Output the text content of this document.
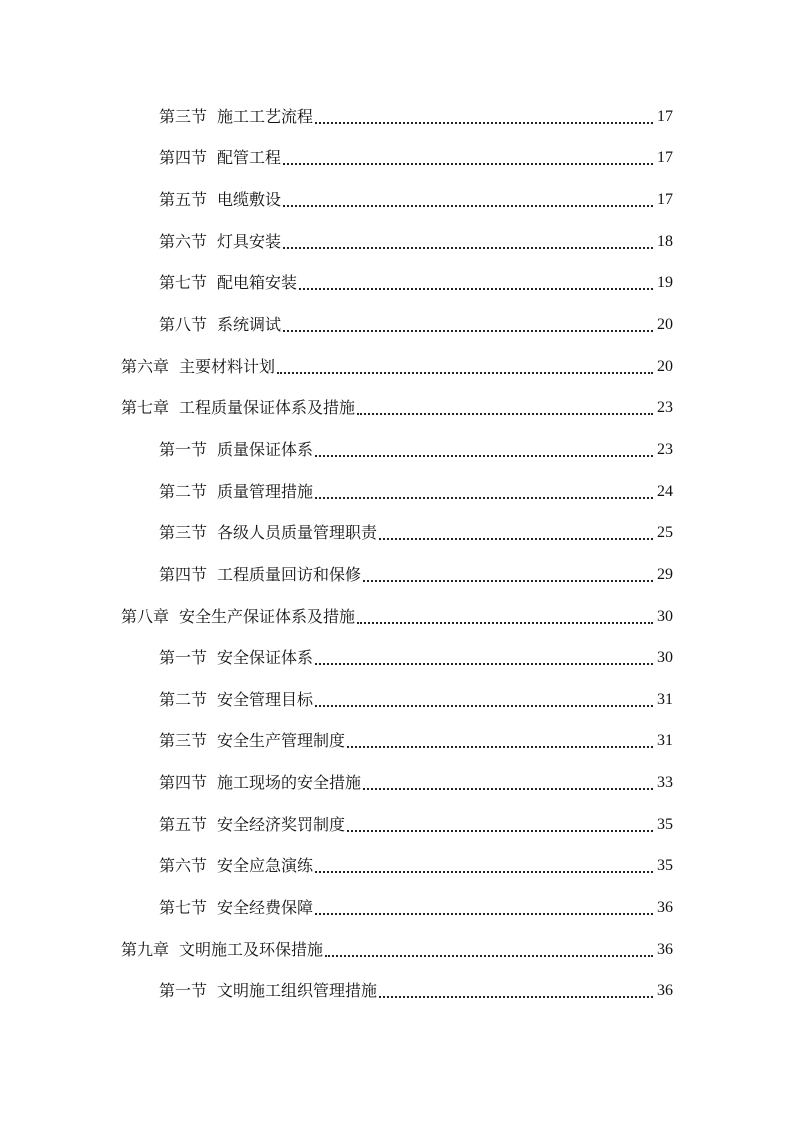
第三节 施工工艺流程	17
第四节 配管工程	17
第五节 电缆敷设	17
第六节 灯具安装	18
第七节 配电箱安装	19
第八节 系统调试	20
第六章 主要材料计划	20
第七章 工程质量保证体系及措施	23
第一节 质量保证体系	23
第二节 质量管理措施	24
第三节 各级人员质量管理职责	25
第四节 工程质量回访和保修	29
第八章 安全生产保证体系及措施	30
第一节 安全保证体系	30
第二节 安全管理目标	31
第三节 安全生产管理制度	31
第四节 施工现场的安全措施	33
第五节 安全经济奖罚制度	35
第六节 安全应急演练	35
第七节 安全经费保障	36
第九章 文明施工及环保措施	36
第一节 文明施工组织管理措施	36
